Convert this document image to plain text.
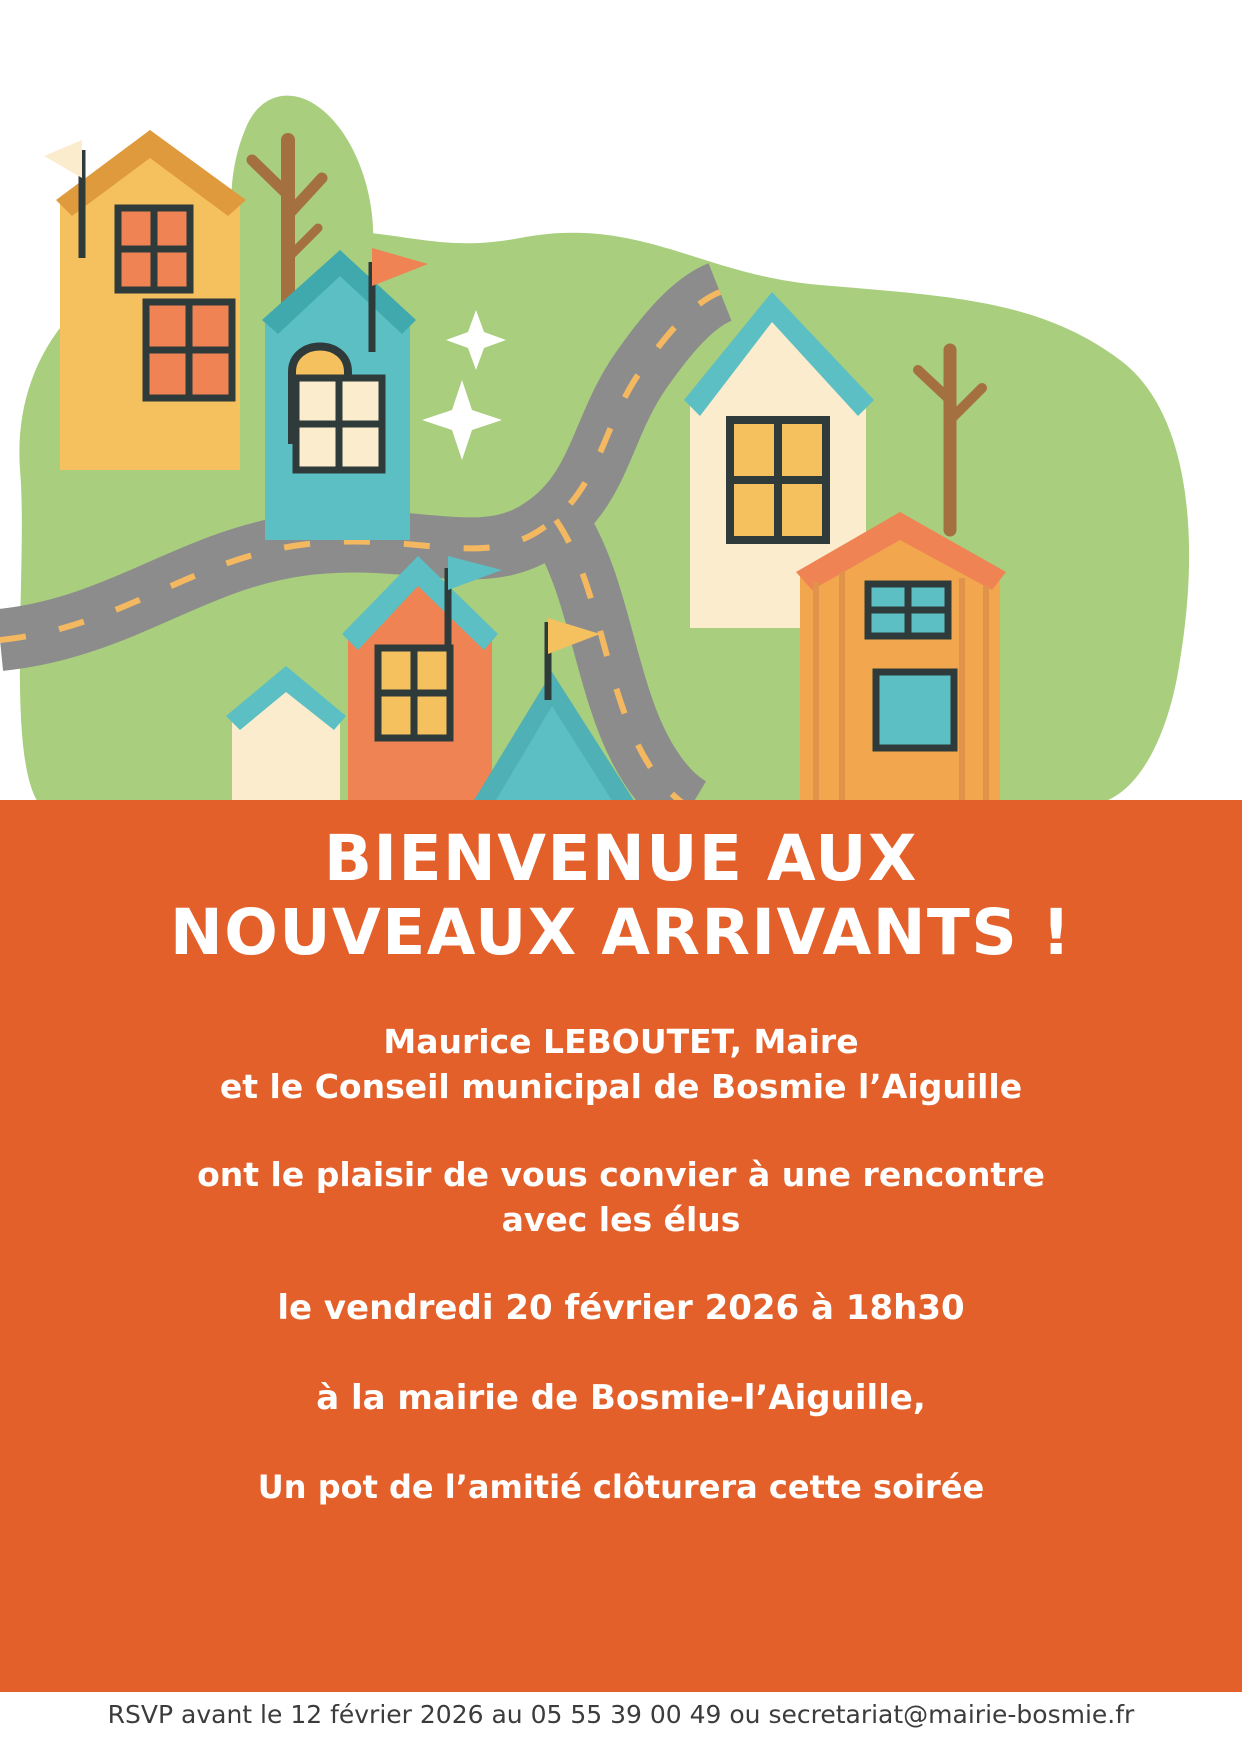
BIENVENUE AUX
NOUVEAUX ARRIVANTS !
Maurice LEBOUTET, Maire
et le Conseil municipal de Bosmie l’Aiguille
ont le plaisir de vous convier à une rencontre
avec les élus
le vendredi 20 février 2026 à 18h30
à la mairie de Bosmie-l’Aiguille,
Un pot de l’amitié clôturera cette soirée
RSVP avant le 12 février 2026 au 05 55 39 00 49 ou secretariat@mairie-bosmie.fr
